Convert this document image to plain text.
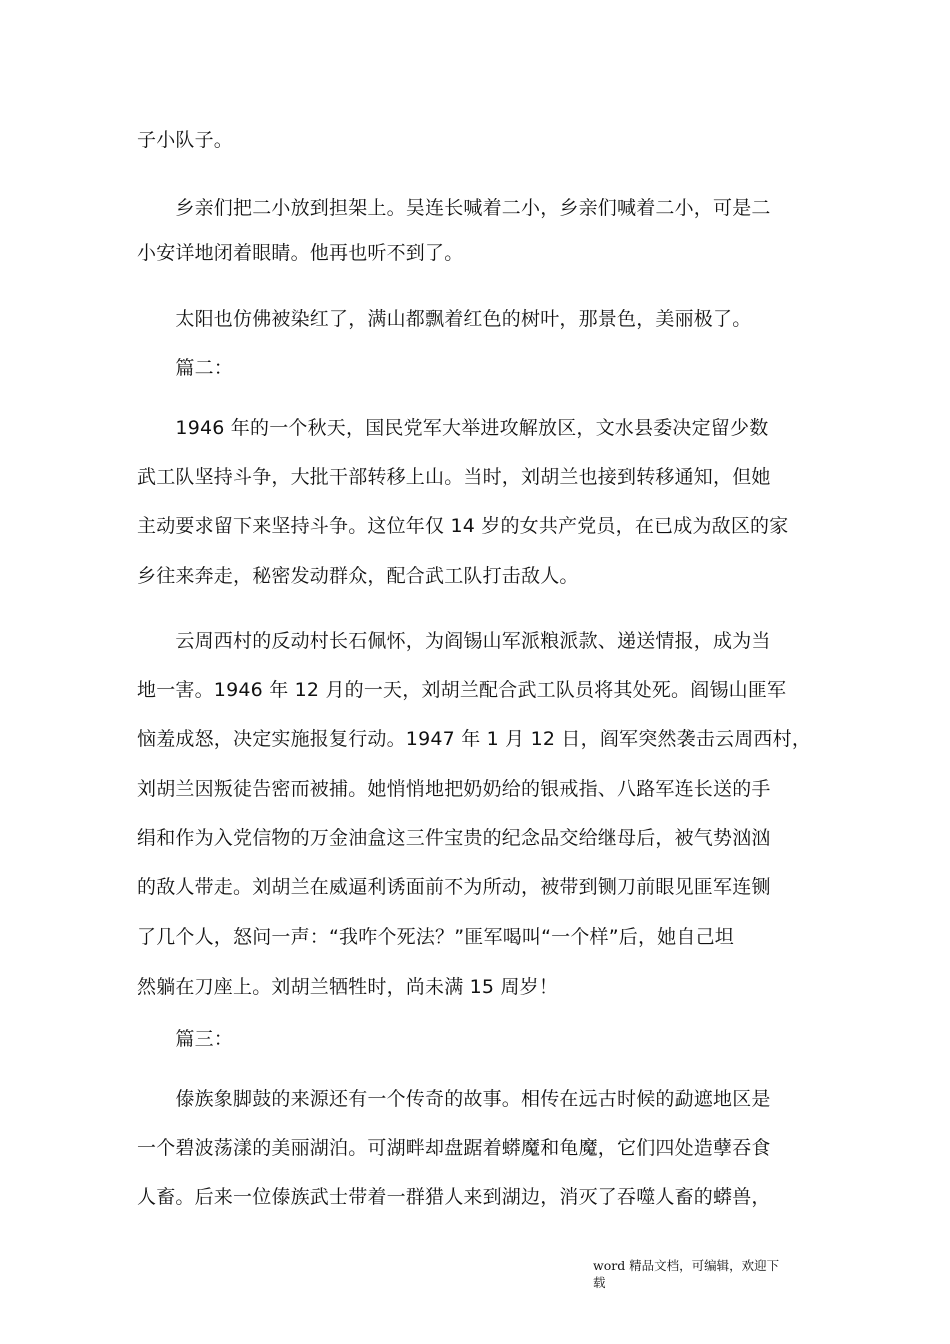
子小队子。
　　乡亲们把二小放到担架上。吴连长喊着二小，乡亲们喊着二小，可是二
小安详地闭着眼睛。他再也听不到了。
　　太阳也仿佛被染红了，满山都飘着红色的树叶，那景色，美丽极了。
　　篇二：
　　1946 年的一个秋天，国民党军大举进攻解放区，文水县委决定留少数
武工队坚持斗争，大批干部转移上山。当时，刘胡兰也接到转移通知，但她
主动要求留下来坚持斗争。这位年仅 14 岁的女共产党员，在已成为敌区的家
乡往来奔走，秘密发动群众，配合武工队打击敌人。
　　云周西村的反动村长石佩怀，为阎锡山军派粮派款、递送情报，成为当
地一害。1946 年 12 月的一天，刘胡兰配合武工队员将其处死。阎锡山匪军
恼羞成怒，决定实施报复行动。1947 年 1 月 12 日，阎军突然袭击云周西村，
刘胡兰因叛徒告密而被捕。她悄悄地把奶奶给的银戒指、八路军连长送的手
绢和作为入党信物的万金油盒这三件宝贵的纪念品交给继母后，被气势汹汹
的敌人带走。刘胡兰在威逼利诱面前不为所动，被带到铡刀前眼见匪军连铡
了几个人，怒问一声：“我咋个死法？”匪军喝叫“一个样”后，她自己坦
然躺在刀座上。刘胡兰牺牲时，尚未满 15 周岁！
　　篇三：
　　傣族象脚鼓的来源还有一个传奇的故事。相传在远古时候的勐遮地区是
一个碧波荡漾的美丽湖泊。可湖畔却盘踞着蟒魔和龟魔，它们四处造孽吞食
人畜。后来一位傣族武士带着一群猎人来到湖边，消灭了吞噬人畜的蟒兽，
word 精品文档，可编辑，欢迎下
载
